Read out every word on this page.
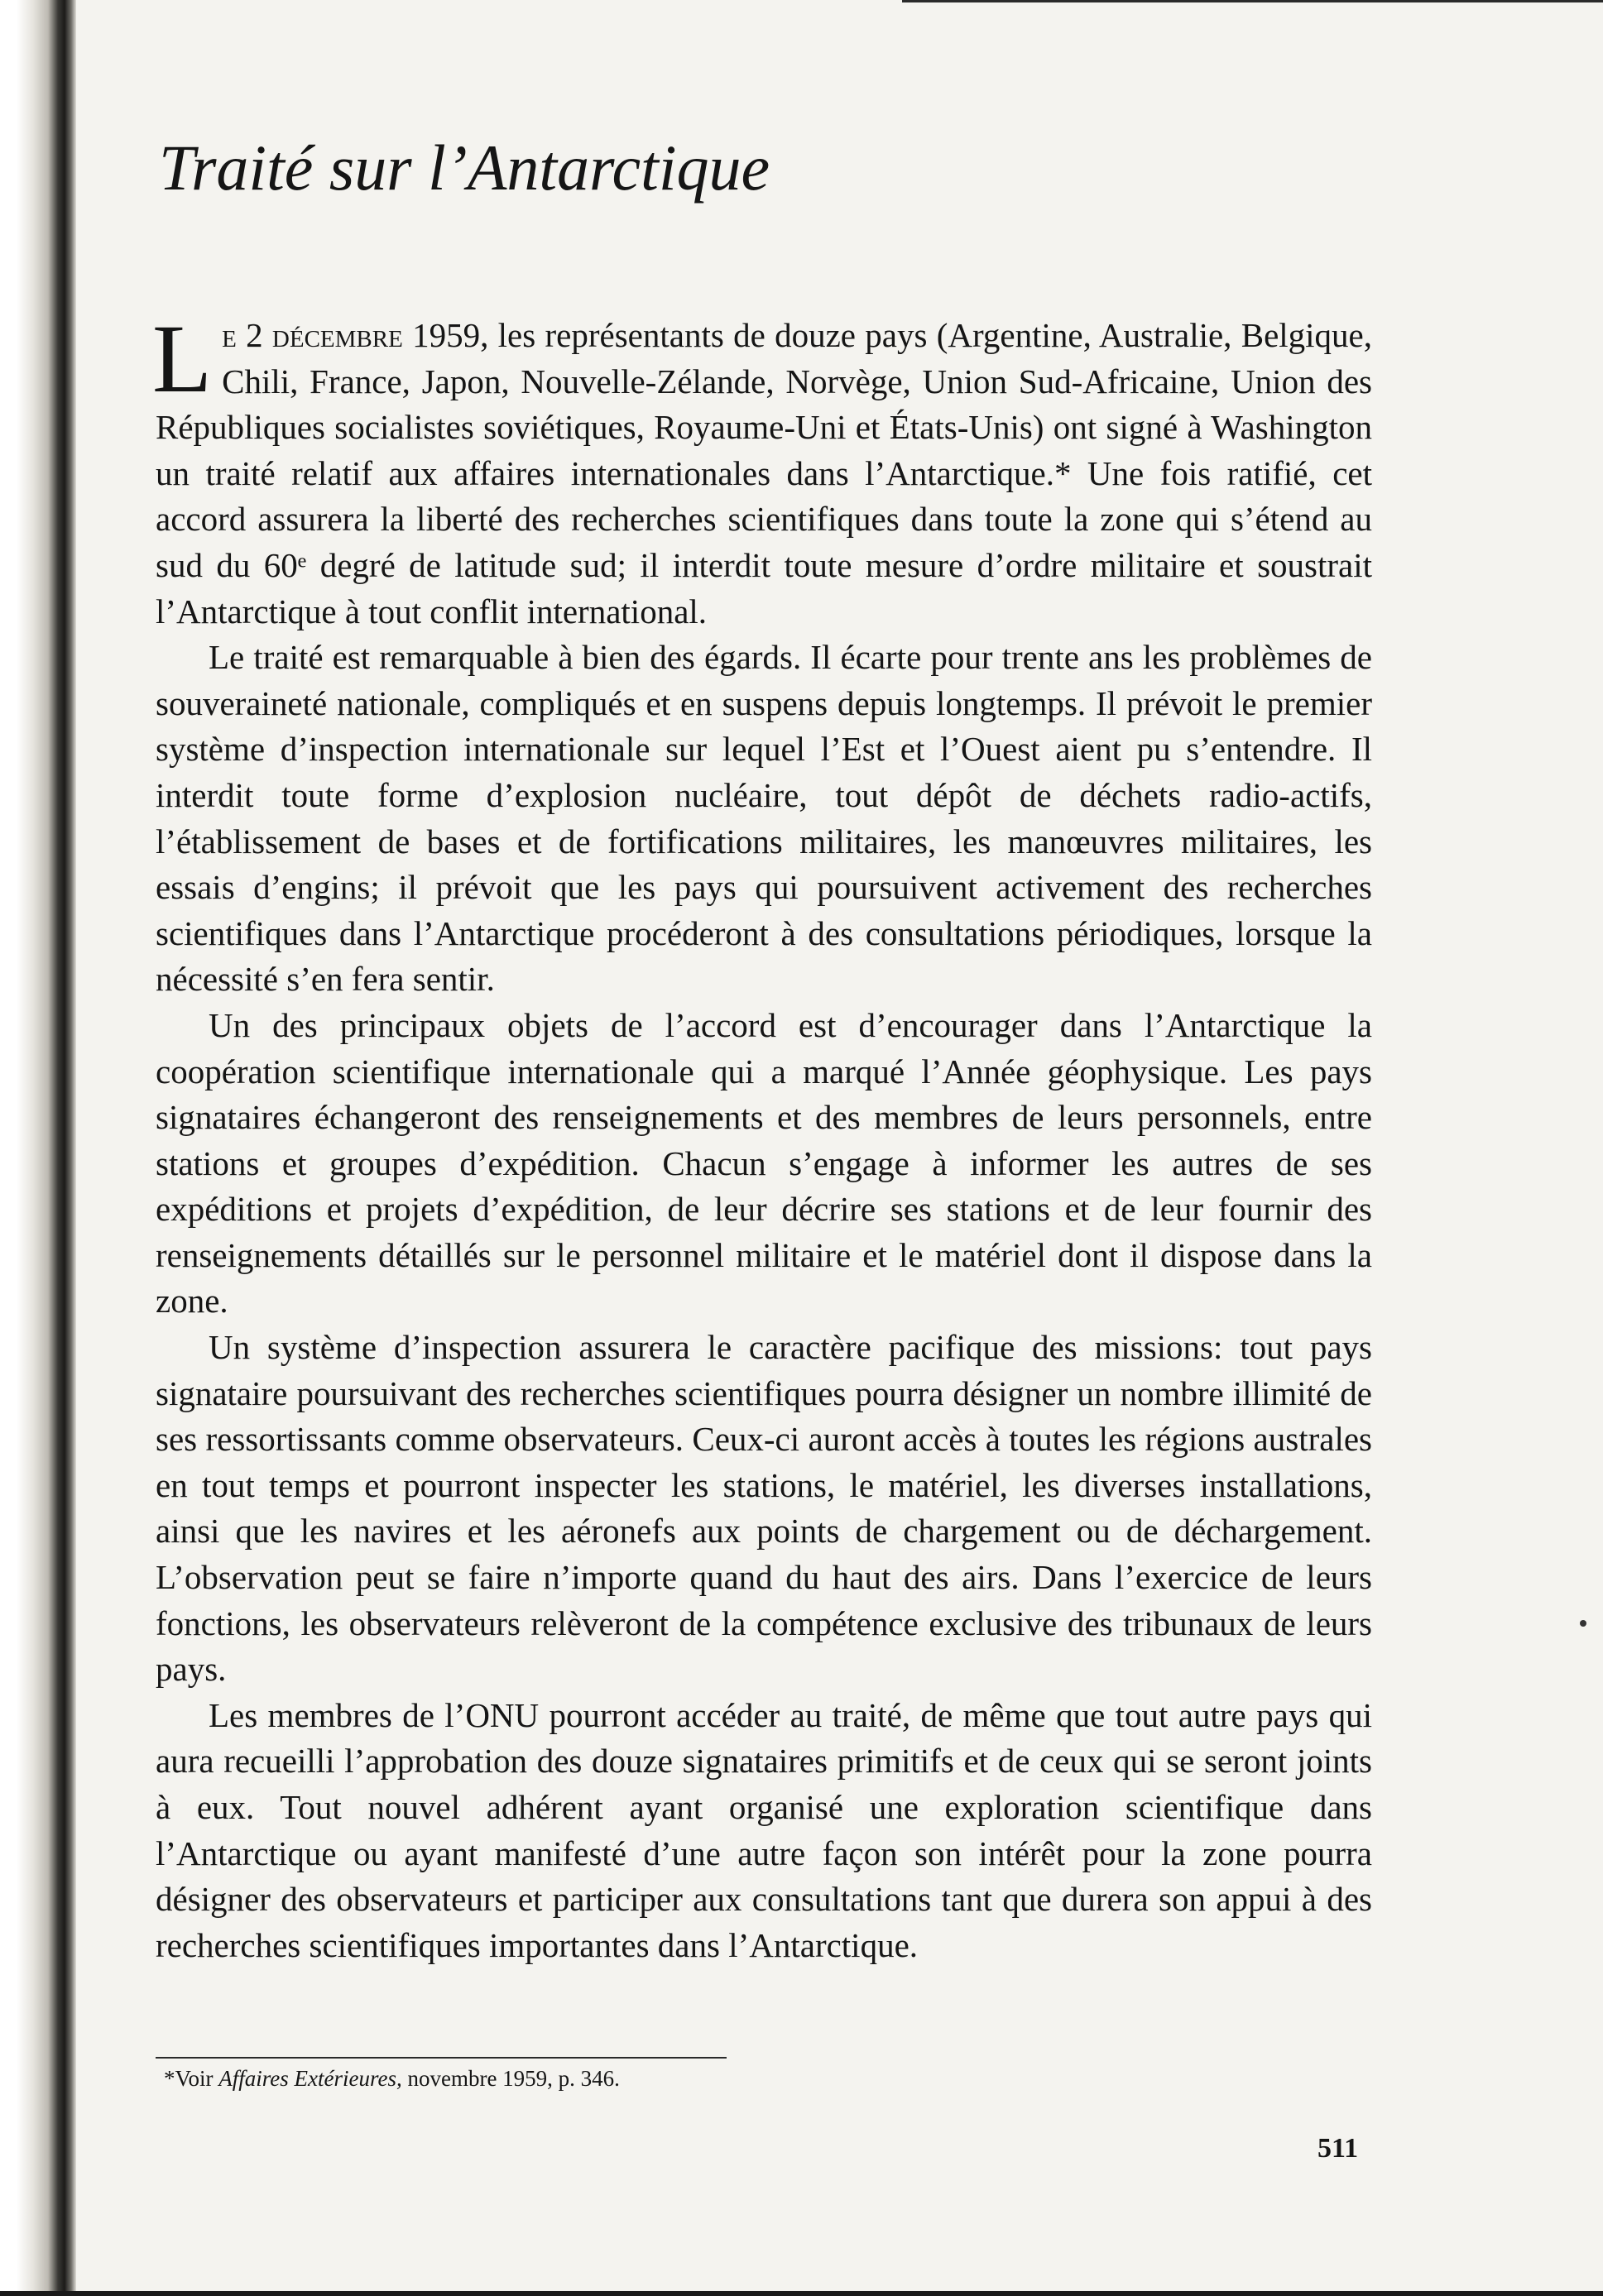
Traité sur l’Antarctique

Le 2 décembre 1959, les représentants de douze pays (Argentine, Australie, Belgique, Chili, France, Japon, Nouvelle-Zélande, Norvège, Union Sud-Africaine, Union des Républiques socialistes soviétiques, Royaume-Uni et États-Unis) ont signé à Washington un traité relatif aux affaires internationales dans l’Antarctique.* Une fois ratifié, cet accord assurera la liberté des recherches scientifiques dans toute la zone qui s’étend au sud du 60ᵉ degré de latitude sud; il interdit toute mesure d’ordre militaire et soustrait l’Antarctique à tout conflit international.

Le traité est remarquable à bien des égards. Il écarte pour trente ans les problèmes de souveraineté nationale, compliqués et en suspens depuis longtemps. Il prévoit le premier système d’inspection internationale sur lequel l’Est et l’Ouest aient pu s’entendre. Il interdit toute forme d’explosion nucléaire, tout dépôt de déchets radio-actifs, l’établissement de bases et de fortifications militaires, les manœuvres militaires, les essais d’engins; il prévoit que les pays qui poursuivent activement des recherches scientifiques dans l’Antarctique procéderont à des consultations périodiques, lorsque la nécessité s’en fera sentir.

Un des principaux objets de l’accord est d’encourager dans l’Antarctique la coopération scientifique internationale qui a marqué l’Année géophysique. Les pays signataires échangeront des renseignements et des membres de leurs personnels, entre stations et groupes d’expédition. Chacun s’engage à informer les autres de ses expéditions et projets d’expédition, de leur décrire ses stations et de leur fournir des renseignements détaillés sur le personnel militaire et le matériel dont il dispose dans la zone.

Un système d’inspection assurera le caractère pacifique des missions: tout pays signataire poursuivant des recherches scientifiques pourra désigner un nombre illimité de ses ressortissants comme observateurs. Ceux-ci auront accès à toutes les régions australes en tout temps et pourront inspecter les stations, le matériel, les diverses installations, ainsi que les navires et les aéronefs aux points de chargement ou de déchargement. L’observation peut se faire n’importe quand du haut des airs. Dans l’exercice de leurs fonctions, les observateurs relèveront de la compétence exclusive des tribunaux de leurs pays.

Les membres de l’ONU pourront accéder au traité, de même que tout autre pays qui aura recueilli l’approbation des douze signataires primitifs et de ceux qui se seront joints à eux. Tout nouvel adhérent ayant organisé une exploration scientifique dans l’Antarctique ou ayant manifesté d’une autre façon son intérêt pour la zone pourra désigner des observateurs et participer aux consultations tant que durera son appui à des recherches scientifiques importantes dans l’Antarctique.

*Voir Affaires Extérieures, novembre 1959, p. 346.
511
